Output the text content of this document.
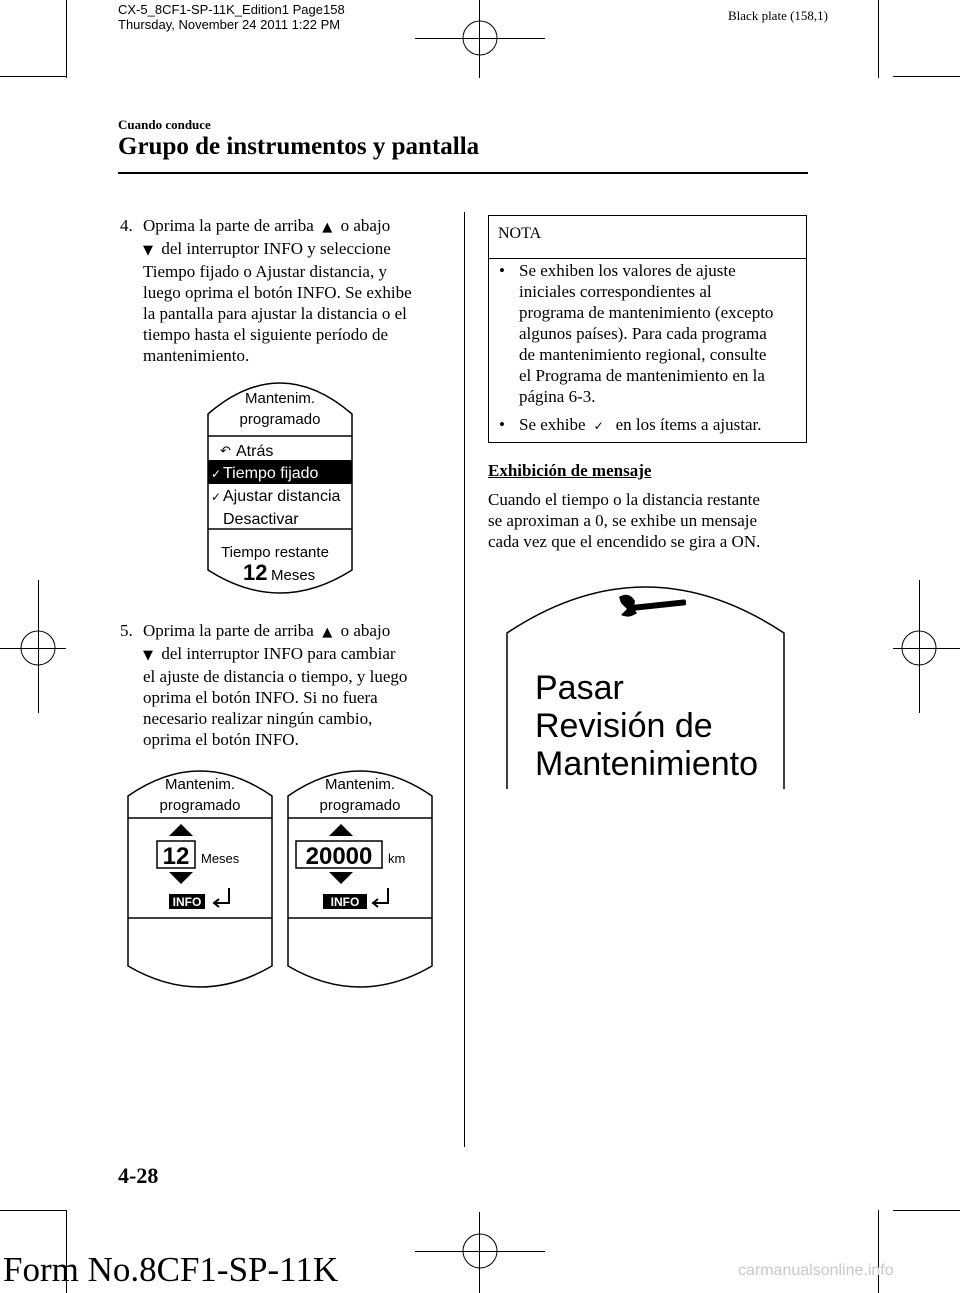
CX-5_8CF1-SP-11K_Edition1 Page158
Thursday, November 24 2011 1:22 PM
Black plate (158,1)
Cuando conduce
Grupo de instrumentos y pantalla
4. Oprima la parte de arriba  ▲  o abajo
▼  del interruptor INFO y seleccione
Tiempo fijado o Ajustar distancia, y
luego oprima el botón INFO. Se exhibe
la pantalla para ajustar la distancia o el
tiempo hasta el siguiente período de
mantenimiento.
Mantenim.
programado
↶ Atrás
✓ Tiempo fijado
✓ Ajustar distancia
Desactivar
Tiempo restante
12 Meses
5. Oprima la parte de arriba  ▲  o abajo
▼  del interruptor INFO para cambiar
el ajuste de distancia o tiempo, y luego
oprima el botón INFO. Si no fuera
necesario realizar ningún cambio,
oprima el botón INFO.
Mantenim.
programado
12 Meses
INFO
Mantenim.
programado
20000 km
INFO
NOTA
• Se exhiben los valores de ajuste
iniciales correspondientes al
programa de mantenimiento (excepto
algunos países). Para cada programa
de mantenimiento regional, consulte
el Programa de mantenimiento en la
página 6-3.
• Se exhibe  ✓   en los ítems a ajustar.
Exhibición de mensaje
Cuando el tiempo o la distancia restante
se aproximan a 0, se exhibe un mensaje
cada vez que el encendido se gira a ON.
Pasar
Revisión de
Mantenimiento
4-28
Form No.8CF1-SP-11K	carmanualsonline.info
